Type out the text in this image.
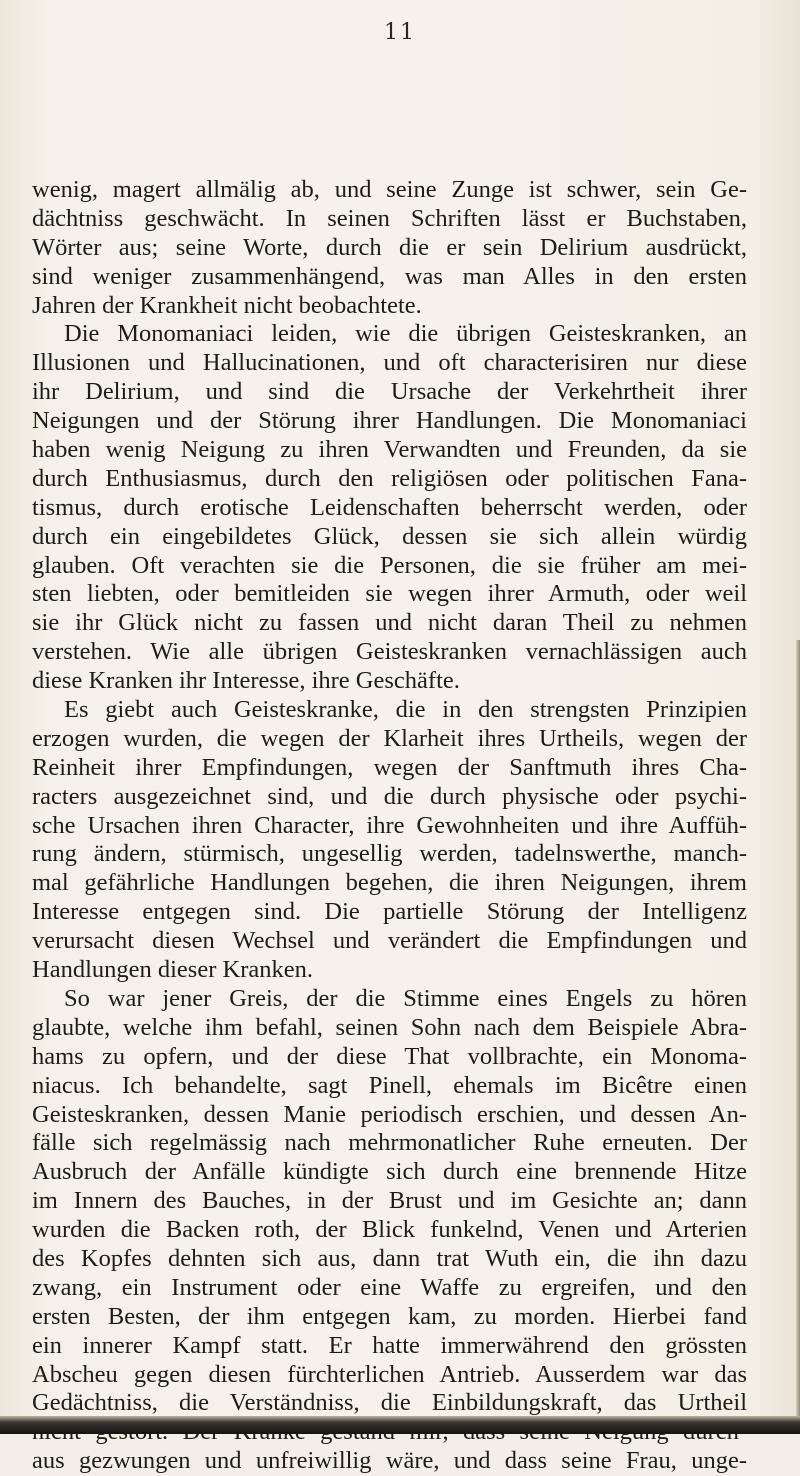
11
wenig, magert allmälig ab, und seine Zunge ist schwer, sein Ge-
dächtniss geschwächt. In seinen Schriften lässt er Buchstaben,
Wörter aus; seine Worte, durch die er sein Delirium ausdrückt,
sind weniger zusammenhängend, was man Alles in den ersten
Jahren der Krankheit nicht beobachtete.
Die Monomaniaci leiden, wie die übrigen Geisteskranken, an
Illusionen und Hallucinationen, und oft characterisiren nur diese
ihr Delirium, und sind die Ursache der Verkehrtheit ihrer
Neigungen und der Störung ihrer Handlungen. Die Monomaniaci
haben wenig Neigung zu ihren Verwandten und Freunden, da sie
durch Enthusiasmus, durch den religiösen oder politischen Fana-
tismus, durch erotische Leidenschaften beherrscht werden, oder
durch ein eingebildetes Glück, dessen sie sich allein würdig
glauben. Oft verachten sie die Personen, die sie früher am mei-
sten liebten, oder bemitleiden sie wegen ihrer Armuth, oder weil
sie ihr Glück nicht zu fassen und nicht daran Theil zu nehmen
verstehen. Wie alle übrigen Geisteskranken vernachlässigen auch
diese Kranken ihr Interesse, ihre Geschäfte.
Es giebt auch Geisteskranke, die in den strengsten Prinzipien
erzogen wurden, die wegen der Klarheit ihres Urtheils, wegen der
Reinheit ihrer Empfindungen, wegen der Sanftmuth ihres Cha-
racters ausgezeichnet sind, und die durch physische oder psychi-
sche Ursachen ihren Character, ihre Gewohnheiten und ihre Auffüh-
rung ändern, stürmisch, ungesellig werden, tadelnswerthe, manch-
mal gefährliche Handlungen begehen, die ihren Neigungen, ihrem
Interesse entgegen sind. Die partielle Störung der Intelligenz
verursacht diesen Wechsel und verändert die Empfindungen und
Handlungen dieser Kranken.
So war jener Greis, der die Stimme eines Engels zu hören
glaubte, welche ihm befahl, seinen Sohn nach dem Beispiele Abra-
hams zu opfern, und der diese That vollbrachte, ein Monoma-
niacus. Ich behandelte, sagt Pinell, ehemals im Bicêtre einen
Geisteskranken, dessen Manie periodisch erschien, und dessen An-
fälle sich regelmässig nach mehrmonatlicher Ruhe erneuten. Der
Ausbruch der Anfälle kündigte sich durch eine brennende Hitze
im Innern des Bauches, in der Brust und im Gesichte an; dann
wurden die Backen roth, der Blick funkelnd, Venen und Arterien
des Kopfes dehnten sich aus, dann trat Wuth ein, die ihn dazu
zwang, ein Instrument oder eine Waffe zu ergreifen, und den
ersten Besten, der ihm entgegen kam, zu morden. Hierbei fand
ein innerer Kampf statt. Er hatte immerwährend den grössten
Abscheu gegen diesen fürchterlichen Antrieb. Ausserdem war das
Gedächtniss, die Verständniss, die Einbildungskraft, das Urtheil
aus gezwungen und unfreiwillig wäre, und dass seine Frau, unge-
